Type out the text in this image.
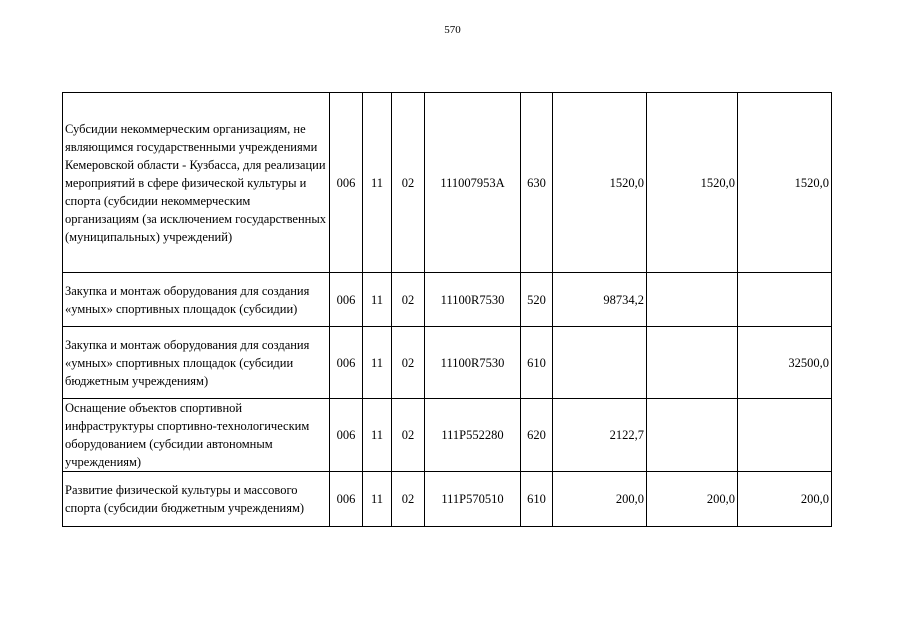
570
Субсидии некоммерческим организациям, не являющимся государственными учреждениями Кемеровской области - Кузбасса, для реализации мероприятий в сфере физической культуры и спорта (субсидии некоммерческим организациям (за исключением государственных (муниципальных) учреждений)	006	11	02	111007953А	630	1520,0	1520,0	1520,0
Закупка и монтаж оборудования для создания «умных» спортивных площадок (субсидии)	006	11	02	11100R7530	520	98734,2		
Закупка и монтаж оборудования для создания «умных» спортивных площадок (субсидии бюджетным учреждениям)	006	11	02	11100R7530	610			32500,0
Оснащение объектов спортивной инфраструктуры спортивно-технологическим оборудованием (субсидии автономным учреждениям)	006	11	02	111Р552280	620	2122,7		
Развитие физической культуры и массового спорта (субсидии бюджетным учреждениям)	006	11	02	111Р570510	610	200,0	200,0	200,0
